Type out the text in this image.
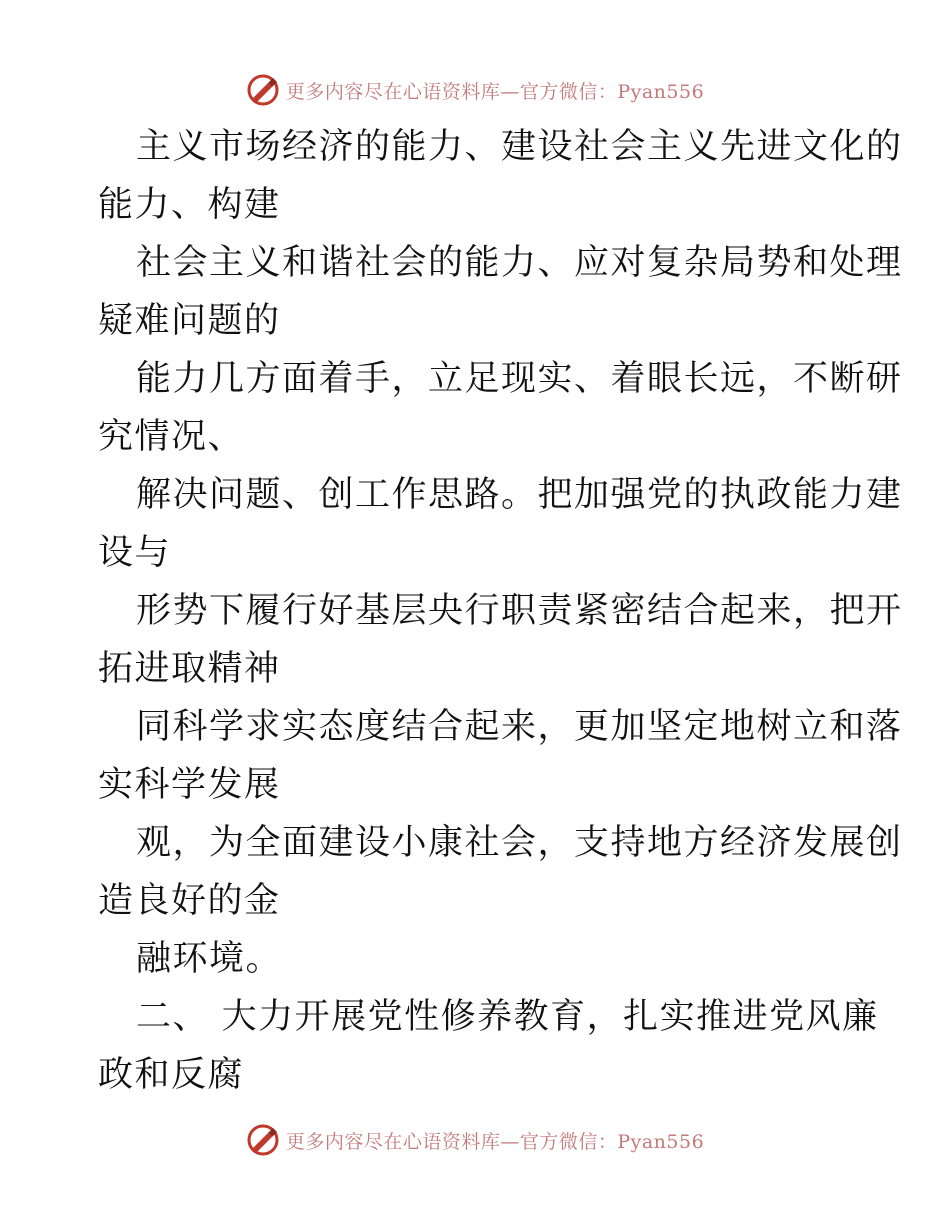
更多内容尽在心语资料库—官方微信：Pyan556
主义市场经济的能力、建设社会主义先进文化的
能力、构建
社会主义和谐社会的能力、应对复杂局势和处理
疑难问题的
能力几方面着手，立足现实、着眼长远，不断研
究情况、
解决问题、创工作思路。把加强党的执政能力建
设与
形势下履行好基层央行职责紧密结合起来，把开
拓进取精神
同科学求实态度结合起来，更加坚定地树立和落
实科学发展
观，为全面建设小康社会，支持地方经济发展创
造良好的金
融环境。
二、 大力开展党性修养教育，扎实推进党风廉
政和反腐
更多内容尽在心语资料库—官方微信：Pyan556
